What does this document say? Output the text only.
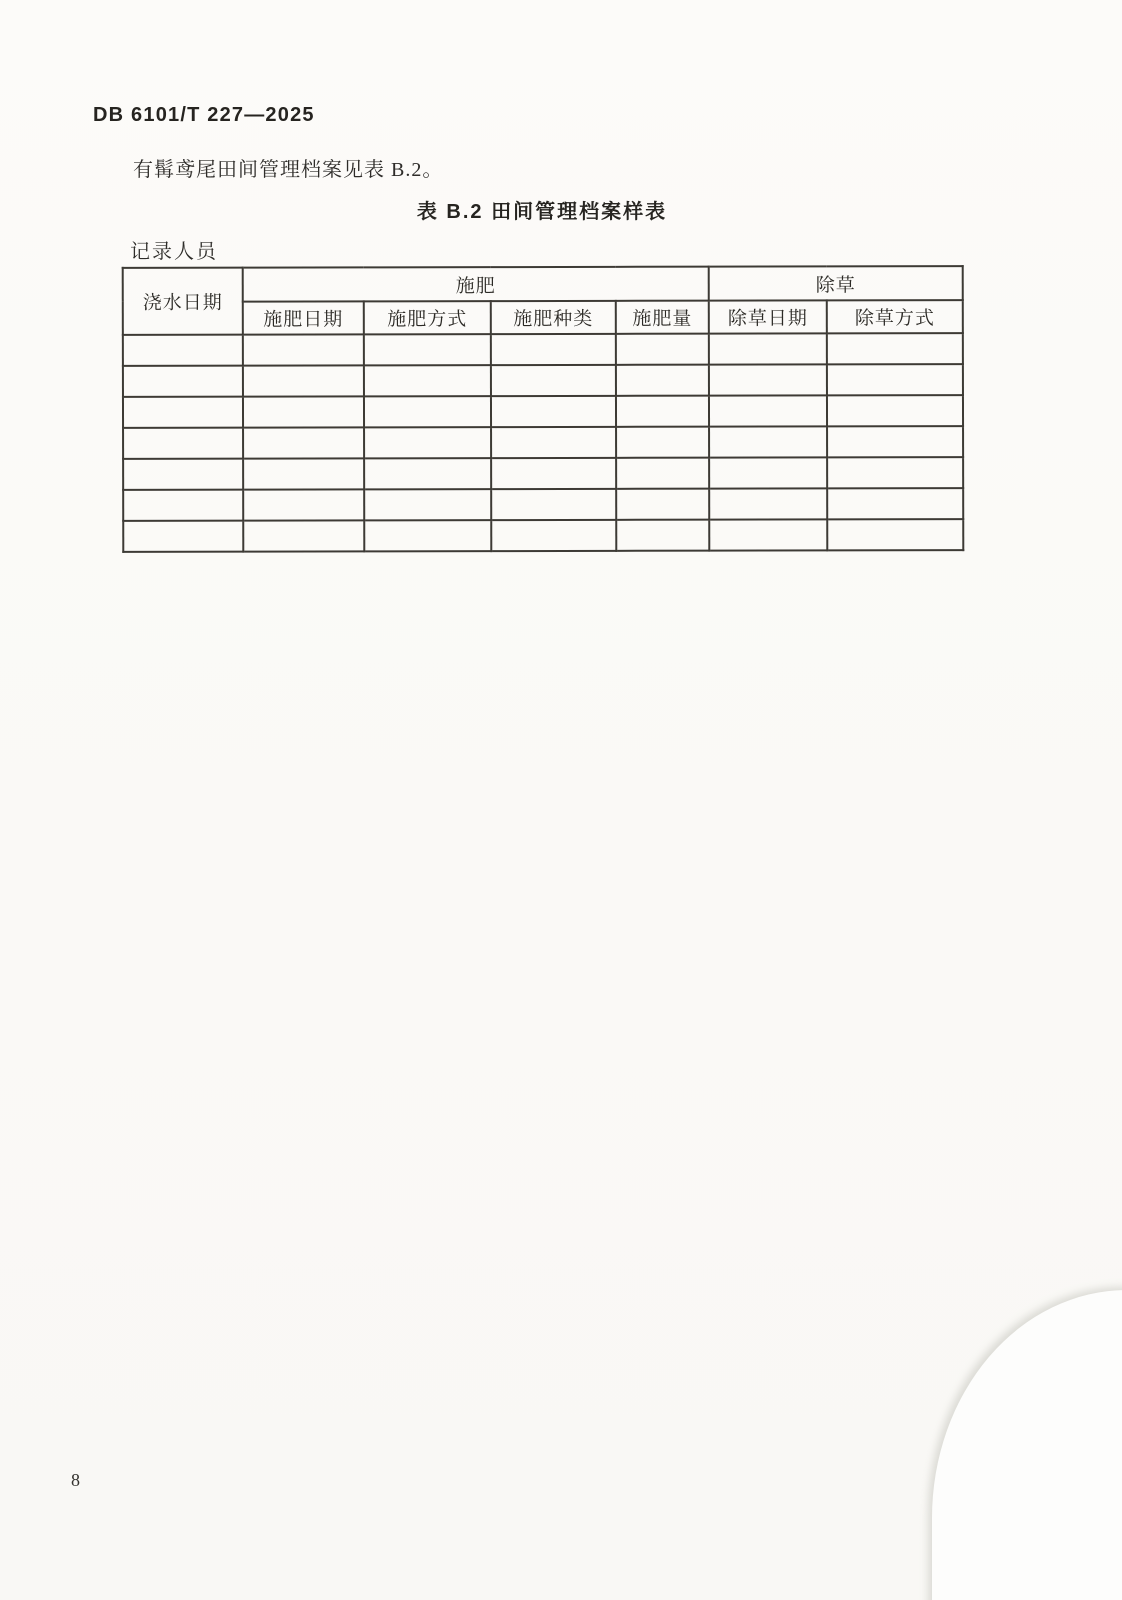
DB 6101/T 227—2025
有髯鸢尾田间管理档案见表 B.2。
表 B.2 田间管理档案样表
记录人员
浇水日期	施肥				除草	
	施肥日期	施肥方式	施肥种类	施肥量	除草日期	除草方式

8
